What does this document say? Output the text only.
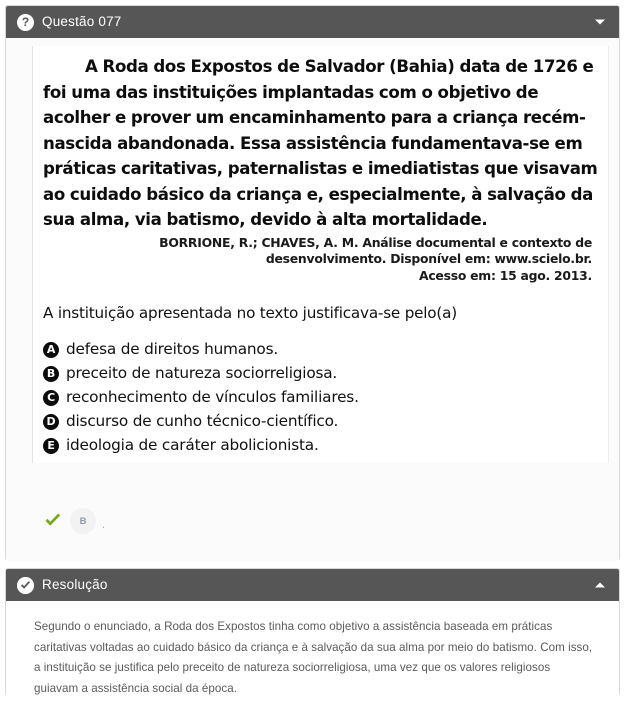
? Questão 077

A Roda dos Expostos de Salvador (Bahia) data de 1726 e foi uma das instituições implantadas com o objetivo de acolher e prover um encaminhamento para a criança recém-nascida abandonada. Essa assistência fundamentava-se em práticas caritativas, paternalistas e imediatistas que visavam ao cuidado básico da criança e, especialmente, à salvação da sua alma, via batismo, devido à alta mortalidade.

BORRIONE, R.; CHAVES, A. M. Análise documental e contexto de desenvolvimento. Disponível em: www.scielo.br.
Acesso em: 15 ago. 2013.

A instituição apresentada no texto justificava-se pelo(a)

A defesa de direitos humanos.
B preceito de natureza sociorreligiosa.
C reconhecimento de vínculos familiares.
D discurso de cunho técnico-científico.
E ideologia de caráter abolicionista.
B	.
Resolução

Segundo o enunciado, a Roda dos Expostos tinha como objetivo a assistência baseada em práticas caritativas voltadas ao cuidado básico da criança e à salvação da sua alma por meio do batismo. Com isso, a instituição se justifica pelo preceito de natureza sociorreligiosa, uma vez que os valores religiosos guiavam a assistência social da época.
